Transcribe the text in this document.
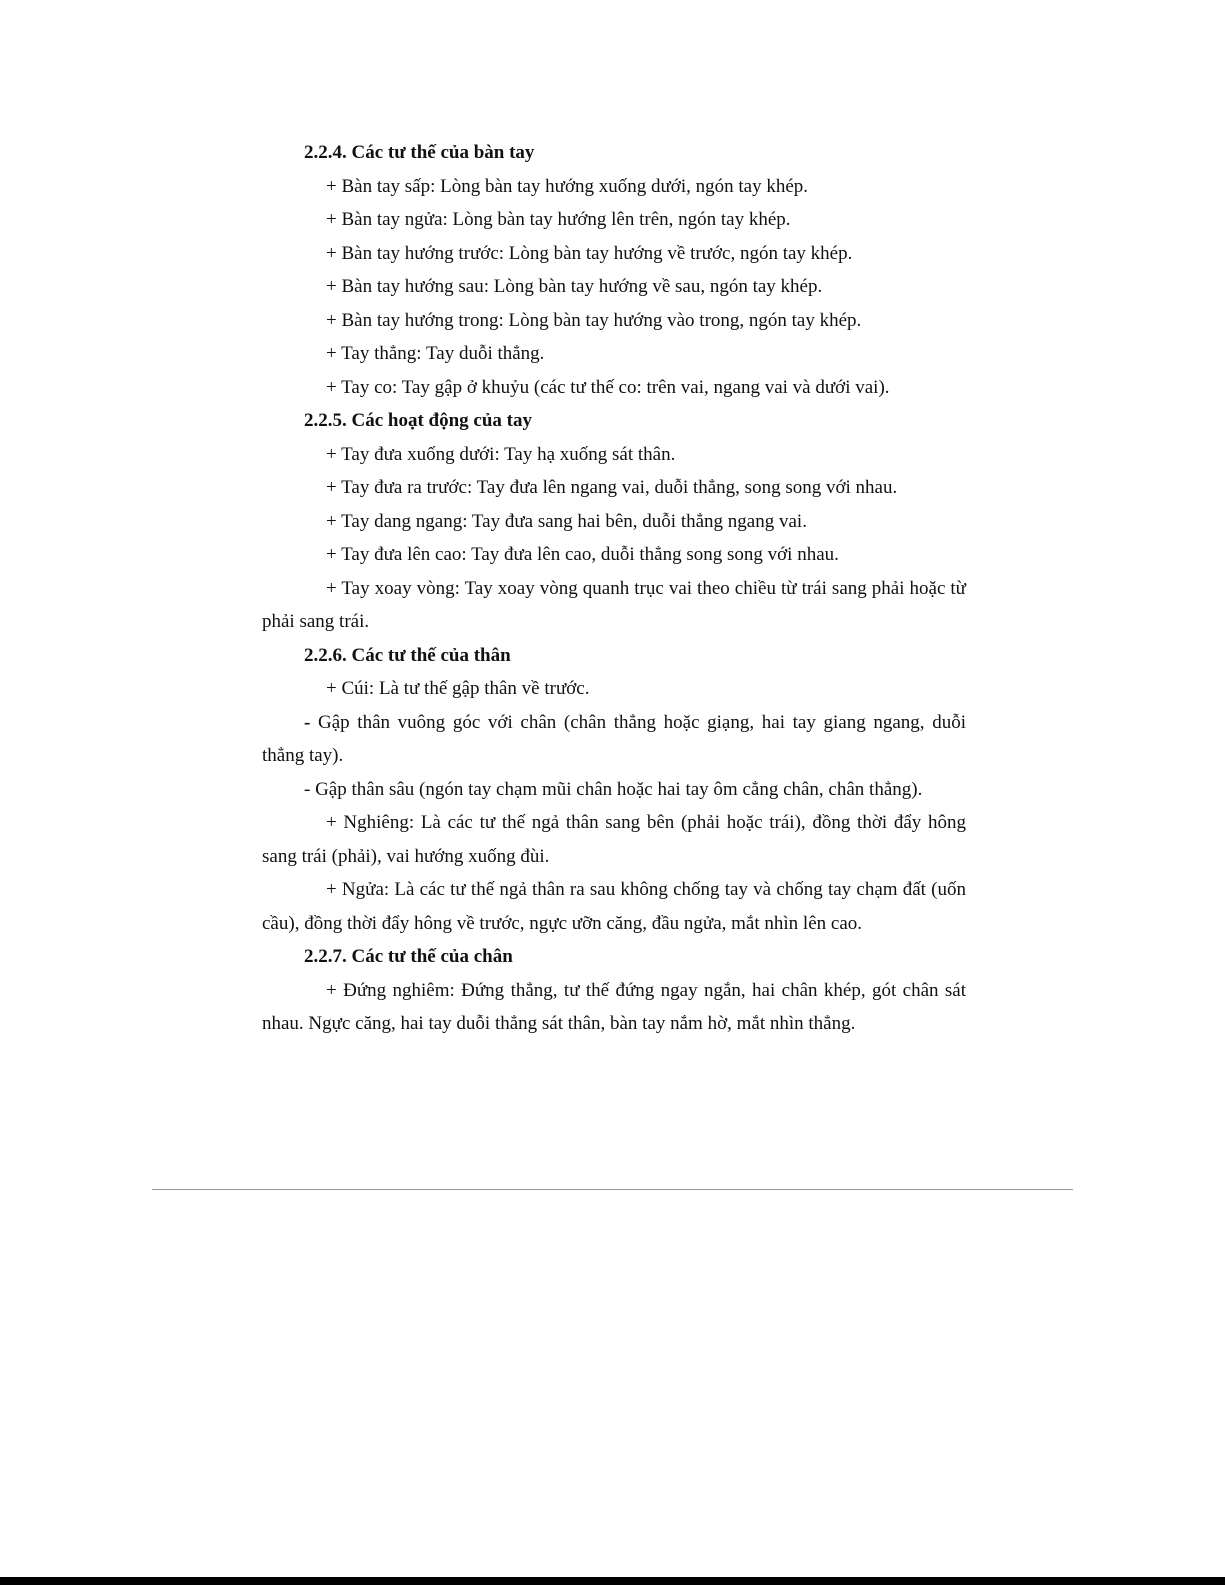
2.2.4. Các tư thế của bàn tay

+ Bàn tay sấp: Lòng bàn tay hướng xuống dưới, ngón tay khép.

+ Bàn tay ngửa: Lòng bàn tay hướng lên trên, ngón tay khép.

+ Bàn tay hướng trước: Lòng bàn tay hướng về trước, ngón tay khép.

+ Bàn tay hướng sau: Lòng bàn tay hướng về sau, ngón tay khép.

+ Bàn tay hướng trong: Lòng bàn tay hướng vào trong, ngón tay khép.

+ Tay thẳng: Tay duỗi thẳng.

+ Tay co: Tay gập ở khuỷu (các tư thế co: trên vai, ngang vai và dưới vai).

2.2.5. Các hoạt động của tay

+ Tay đưa xuống dưới: Tay hạ xuống sát thân.

+ Tay đưa ra trước: Tay đưa lên ngang vai, duỗi thẳng, song song với nhau.

+ Tay dang ngang: Tay đưa sang hai bên, duỗi thẳng ngang vai.

+ Tay đưa lên cao: Tay đưa lên cao, duỗi thẳng song song với nhau.

+ Tay xoay vòng: Tay xoay vòng quanh trục vai theo chiều từ trái sang phải hoặc từ phải sang trái.

2.2.6. Các tư thế của thân

+ Cúi: Là tư thế gập thân về trước.

- Gập thân vuông góc với chân (chân thẳng hoặc giạng, hai tay giang ngang, duỗi thẳng tay).

- Gập thân sâu (ngón tay chạm mũi chân hoặc hai tay ôm cẳng chân, chân thẳng).

+ Nghiêng: Là các tư thế ngả thân sang bên (phải hoặc trái), đồng thời đẩy hông sang trái (phải), vai hướng xuống đùi.

+ Ngửa: Là các tư thế ngả thân ra sau không chống tay và chống tay chạm đất (uốn cầu), đồng thời đẩy hông về trước, ngực ưỡn căng, đầu ngửa, mắt nhìn lên cao.

2.2.7. Các tư thế của chân

+ Đứng nghiêm: Đứng thẳng, tư thế đứng ngay ngắn, hai chân khép, gót chân sát nhau. Ngực căng, hai tay duỗi thẳng sát thân, bàn tay nắm hờ, mắt nhìn thẳng.
